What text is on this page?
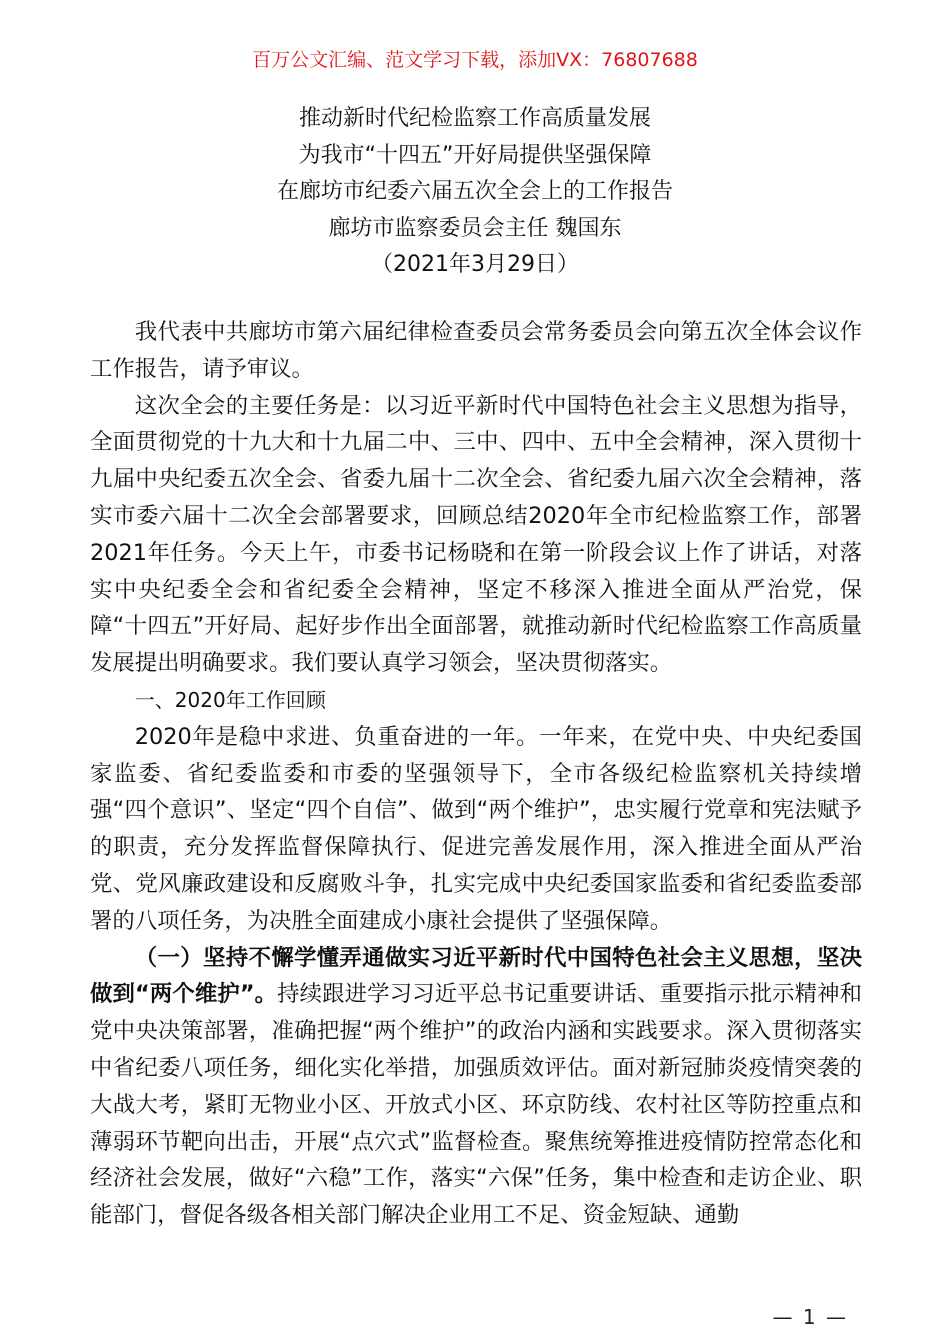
百万公文汇编、范文学习下载，添加VX：76807688
推动新时代纪检监察工作高质量发展
为我市“十四五”开好局提供坚强保障
在廊坊市纪委六届五次全会上的工作报告
廊坊市监察委员会主任 魏国东
（2021年3月29日）

我代表中共廊坊市第六届纪律检查委员会常务委员会向第五次全体会议作工作报告，请予审议。

这次全会的主要任务是：以习近平新时代中国特色社会主义思想为指导，全面贯彻党的十九大和十九届二中、三中、四中、五中全会精神，深入贯彻十九届中央纪委五次全会、省委九届十二次全会、省纪委九届六次全会精神，落实市委六届十二次全会部署要求，回顾总结2020年全市纪检监察工作，部署2021年任务。今天上午，市委书记杨晓和在第一阶段会议上作了讲话，对落实中央纪委全会和省纪委全会精神，坚定不移深入推进全面从严治党，保障“十四五”开好局、起好步作出全面部署，就推动新时代纪检监察工作高质量发展提出明确要求。我们要认真学习领会，坚决贯彻落实。

一、2020年工作回顾

2020年是稳中求进、负重奋进的一年。一年来，在党中央、中央纪委国家监委、省纪委监委和市委的坚强领导下，全市各级纪检监察机关持续增强“四个意识”、坚定“四个自信”、做到“两个维护”，忠实履行党章和宪法赋予的职责，充分发挥监督保障执行、促进完善发展作用，深入推进全面从严治党、党风廉政建设和反腐败斗争，扎实完成中央纪委国家监委和省纪委监委部署的八项任务，为决胜全面建成小康社会提供了坚强保障。

（一）坚持不懈学懂弄通做实习近平新时代中国特色社会主义思想，坚决做到“两个维护”。持续跟进学习习近平总书记重要讲话、重要指示批示精神和党中央决策部署，准确把握“两个维护”的政治内涵和实践要求。深入贯彻落实中省纪委八项任务，细化实化举措，加强质效评估。面对新冠肺炎疫情突袭的大战大考，紧盯无物业小区、开放式小区、环京防线、农村社区等防控重点和薄弱环节靶向出击，开展“点穴式”监督检查。聚焦统筹推进疫情防控常态化和经济社会发展，做好“六稳”工作，落实“六保”任务，集中检查和走访企业、职能部门，督促各级各相关部门解决企业用工不足、资金短缺、通勤

— 1 —
